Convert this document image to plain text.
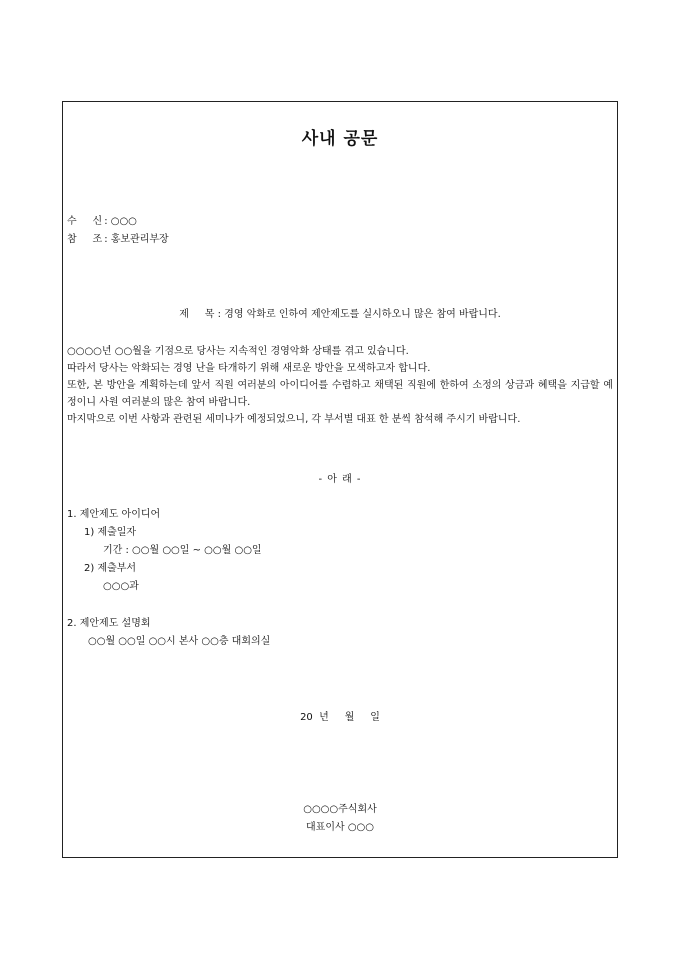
사내 공문
수     신 : ○○○
참     조 : 홍보관리부장
제     목 : 경영 악화로 인하여 제안제도를 실시하오니 많은 참여 바랍니다.

○○○○년 ○○월을 기점으로 당사는 지속적인 경영악화 상태를 겪고 있습니다.

따라서 당사는 악화되는 경영 난을 타개하기 위해 새로운 방안을 모색하고자 합니다.

또한, 본 방안을 계획하는데 앞서 직원 여러분의 아이디어를 수렴하고 채택된 직원에 한하여 소정의 상금과 혜택을 지급할 예정이니 사원 여러분의 많은 참여 바랍니다.

마지막으로 이번 사항과 관련된 세미나가 예정되었으니, 각 부서별 대표 한 분씩 참석해 주시기 바랍니다.

- 아 래 -
1. 제안제도 아이디어
1) 제출일자
기간 : ○○월 ○○일 ~ ○○월 ○○일
2) 제출부서
○○○과
2. 제안제도 설명회
○○월 ○○일 ○○시 본사 ○○층 대회의실
20  년     월     일
○○○○주식회사
대표이사 ○○○
